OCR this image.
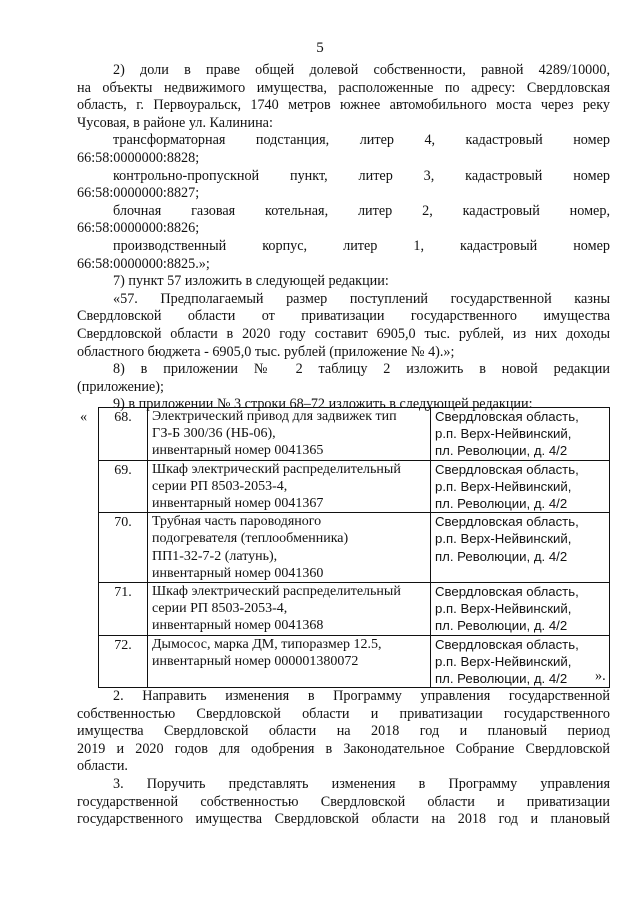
5

2) доли в праве общей долевой собственности, равной 4289/10000,

на объекты недвижимого имущества, расположенные по адресу: Свердловская

область, г. Первоуральск, 1740 метров южнее автомобильного моста через реку

Чусовая, в районе ул. Калинина:

трансформаторная подстанция, литер 4, кадастровый номер

66:58:0000000:8828;

контрольно-пропускной пункт, литер 3, кадастровый номер

66:58:0000000:8827;

блочная газовая котельная, литер 2, кадастровый номер,

66:58:0000000:8826;

производственный корпус, литер 1, кадастровый номер

66:58:0000000:8825.»;

7) пункт 57 изложить в следующей редакции:

«57. Предполагаемый размер поступлений государственной казны

Свердловской области от приватизации государственного имущества

Свердловской области в 2020 году составит 6905,0 тыс. рублей, из них доходы

областного бюджета - 6905,0 тыс. рублей (приложение № 4).»;

8) в приложении № 2 таблицу 2 изложить в новой редакции

(приложение);

9) в приложении № 3 строки 68–72 изложить в следующей редакции:

« 68.	Электрический привод для задвижек тип
ГЗ-Б 300/36 (НБ-06),
инвентарный номер 0041365	Свердловская область,
р.п. Верх-Нейвинский,
пл. Революции, д. 4/2

69.	Шкаф электрический распределительный
серии РП 8503-2053-4,
инвентарный номер 0041367	Свердловская область,
р.п. Верх-Нейвинский,
пл. Революции, д. 4/2

70.	Трубная часть пароводяного
подогревателя (теплообменника)
ПП1-32-7-2 (латунь),
инвентарный номер 0041360	Свердловская область,
р.п. Верх-Нейвинский,
пл. Революции, д. 4/2

71.	Шкаф электрический распределительный
серии РП 8503-2053-4,
инвентарный номер 0041368	Свердловская область,
р.п. Верх-Нейвинский,
пл. Революции, д. 4/2

72.	Дымосос, марка ДМ, типоразмер 12.5,
инвентарный номер 000001380072	Свердловская область,
р.п. Верх-Нейвинский,
пл. Революции, д. 4/2	».

2. Направить изменения в Программу управления государственной

собственностью Свердловской области и приватизации государственного

имущества Свердловской области на 2018 год и плановый период

2019 и 2020 годов для одобрения в Законодательное Собрание Свердловской

области.

3. Поручить представлять изменения в Программу управления

государственной собственностью Свердловской области и приватизации

государственного имущества Свердловской области на 2018 год и плановый
